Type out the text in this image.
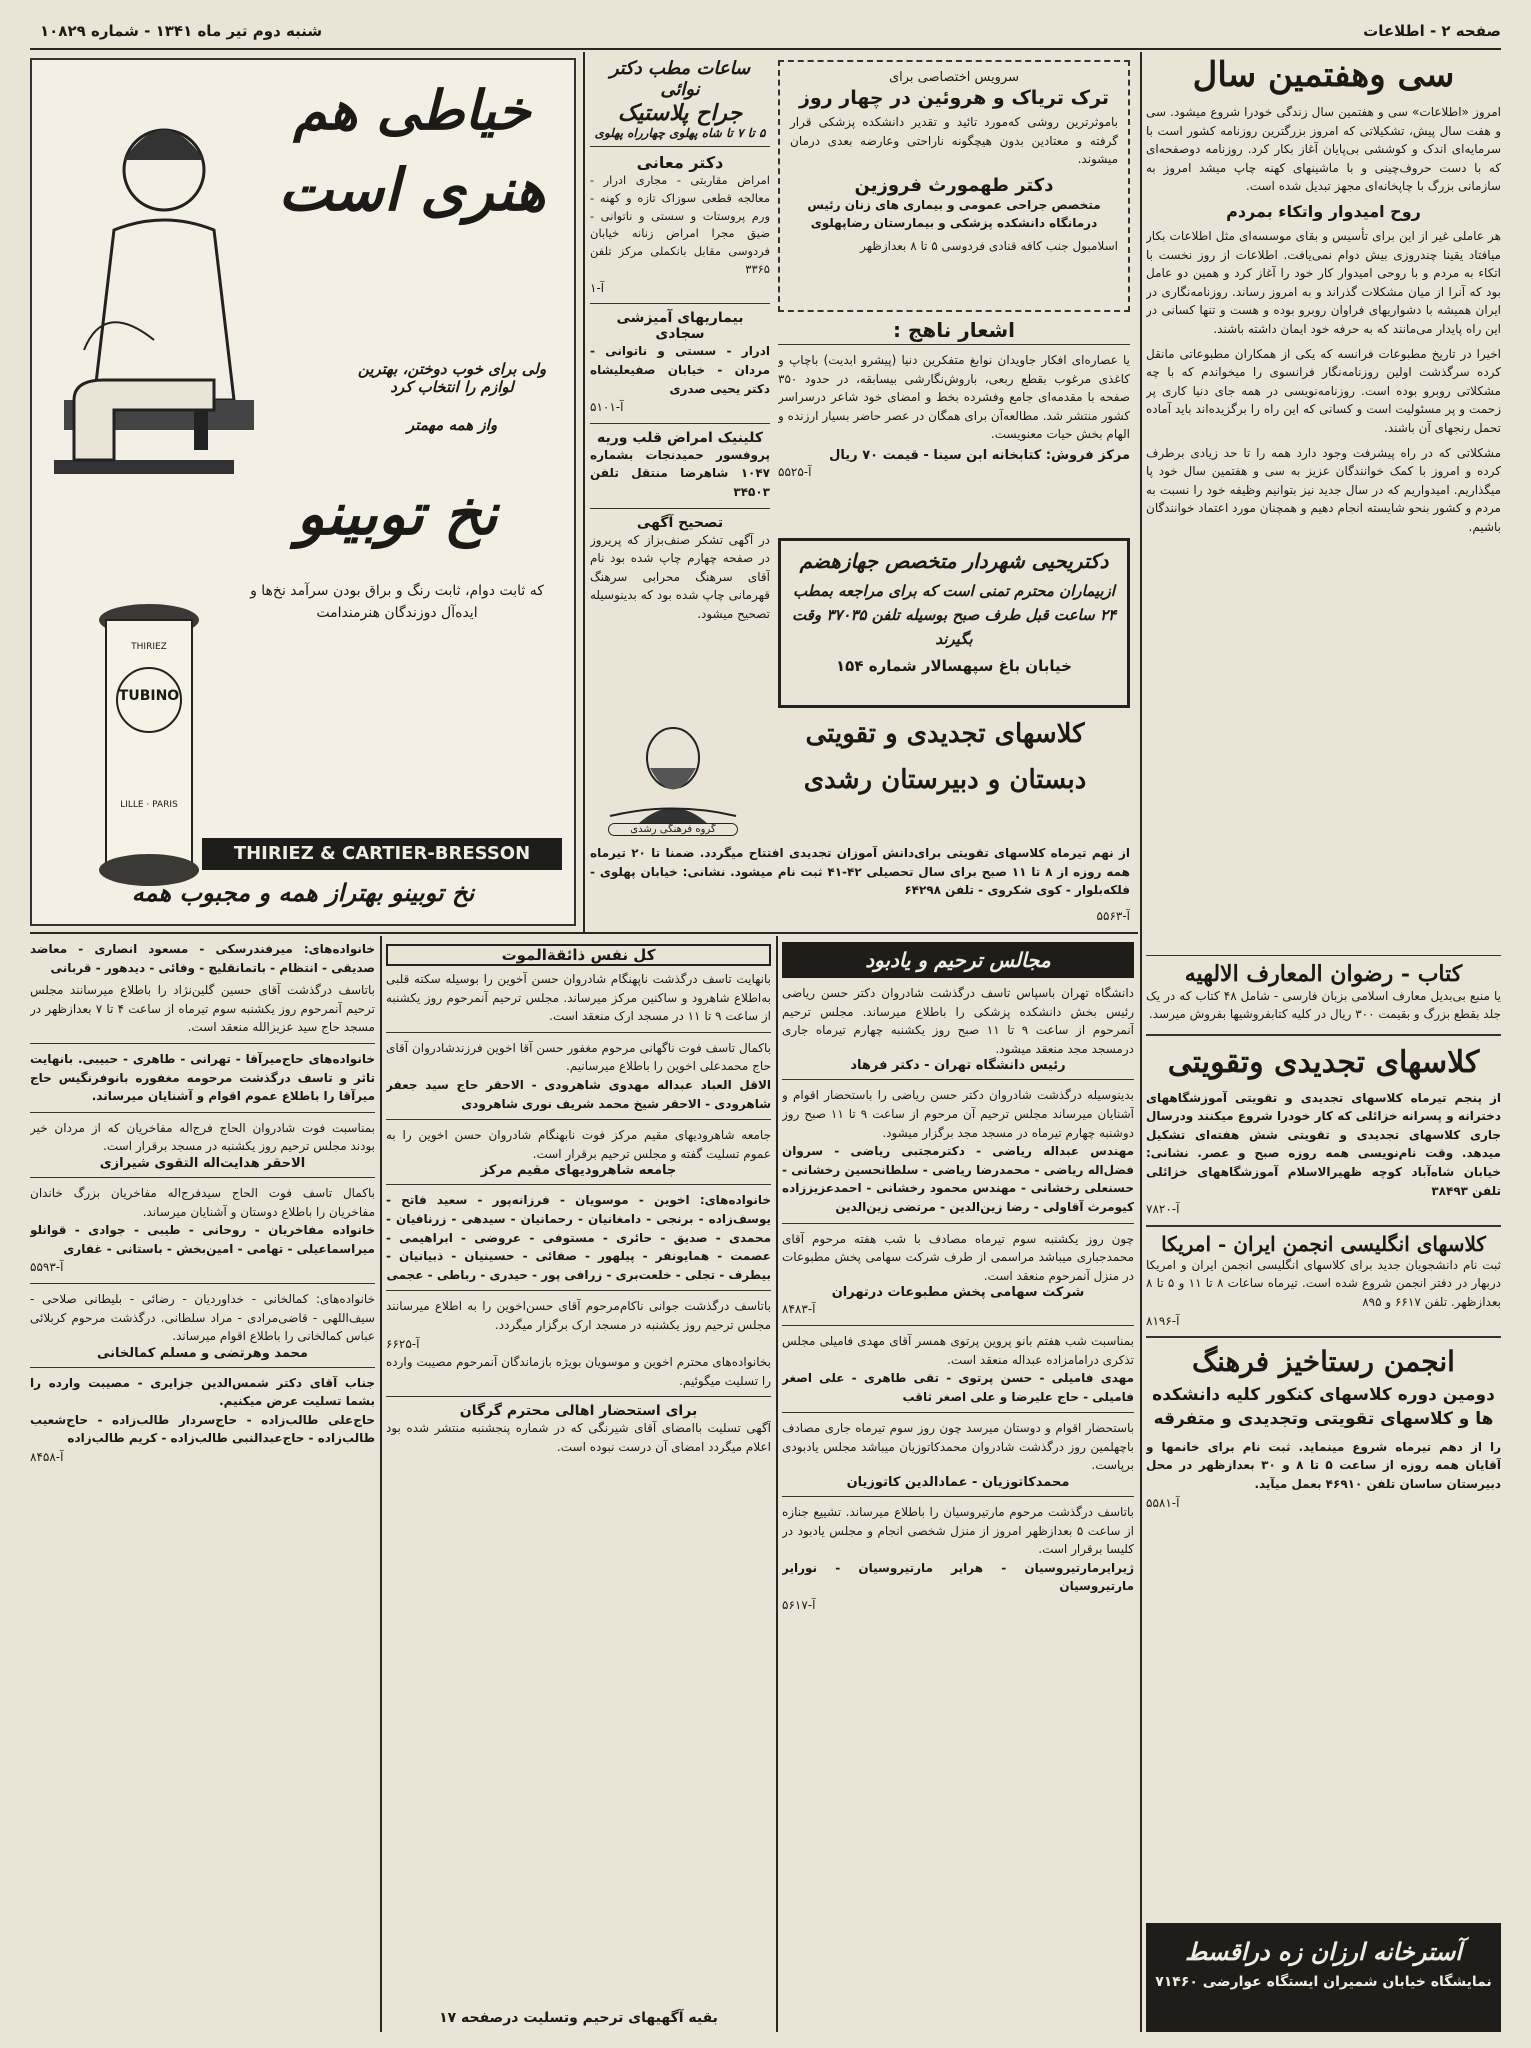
صفحه ۲ - اطلاعات
شنبه دوم تیر ماه ۱۳۴۱ - شماره ۱۰۸۲۹
سی وهفتمین سال
امروز «اطلاعات» سی و هفتمین سال زندگی خودرا شروع میشود. سی و هفت سال پیش، تشکیلاتی که امروز بزرگترین روزنامه کشور است با سرمایه‌ای اندک و کوششی بی‌پایان آغاز بکار کرد. روزنامه دوصفحه‌ای که با دست حروف‌چینی و با ماشینهای کهنه چاپ میشد امروز به سازمانی بزرگ با چاپخانه‌ای مجهز تبدیل شده است.
روح امیدوار واتکاء بمردم
هر عاملی غیر از این برای تأسیس و بقای موسسه‌ای مثل اطلاعات بکار میافتاد یقینا چندروزی بیش دوام نمی‌یافت. اطلاعات از روز نخست با اتکاء به مردم و با روحی امیدوار کار خود را آغاز کرد و همین دو عامل بود که آنرا از میان مشکلات گذراند و به امروز رساند. روزنامه‌نگاری در ایران همیشه با دشواریهای فراوان روبرو بوده و هست و تنها کسانی در این راه پایدار می‌مانند که به حرفه خود ایمان داشته باشند.
اخیرا در تاریخ مطبوعات فرانسه که یکی از همکاران مطبوعاتی مانقل کرده سرگذشت اولین روزنامه‌نگار فرانسوی را میخواندم که با چه مشکلاتی روبرو بوده است. روزنامه‌نویسی در همه جای دنیا کاری پر زحمت و پر مسئولیت است و کسانی که این راه را برگزیده‌اند باید آماده تحمل رنجهای آن باشند.
مشکلاتی که در راه پیشرفت وجود دارد همه را تا حد زیادی برطرف کرده و امروز با کمک خوانندگان عزیز به سی و هفتمین سال خود پا میگذاریم. امیدواریم که در سال جدید نیز بتوانیم وظیفه خود را نسبت به مردم و کشور بنحو شایسته انجام دهیم و همچنان مورد اعتماد خوانندگان باشیم.
کتاب - رضوان المعارف الالهیه
یا منبع بی‌بدیل معارف اسلامی بزبان فارسی - شامل ۴۸ کتاب که در یک جلد بقطع بزرگ و بقیمت ۳۰۰ ریال در کلیه کتابفروشیها بفروش میرسد.
کلاسهای تجدیدی وتقویتی
از پنجم تیرماه کلاسهای تجدیدی و تقویتی آموزشگاههای دخترانه و پسرانه خزائلی که کار خودرا شروع میکنند ودرسال جاری کلاسهای تجدیدی و تقویتی شش هفته‌ای تشکیل میدهد. وقت نام‌نویسی همه روزه صبح و عصر. نشانی: خیابان شاه‌آباد کوچه ظهیرالاسلام آموزشگاههای خزائلی تلفن ۳۸۴۹۳
آ-۷۸۲۰
کلاسهای انگلیسی انجمن ایران - امریکا
ثبت نام دانشجویان جدید برای کلاسهای انگلیسی انجمن ایران و امریکا دربهار در دفتر انجمن شروع شده است. تیرماه ساعات ۸ تا ۱۱ و ۵ تا ۸ بعدازظهر. تلفن ۶۶۱۷ و ۸۹۵
آ-۸۱۹۶
انجمن رستاخیز فرهنگ
دومین دوره کلاسهای کنکور کلیه دانشکده ها و کلاسهای تقویتی وتجدیدی و متفرقه
را از دهم تیرماه شروع مینماید. ثبت نام برای خانمها و آقایان همه روزه از ساعت ۵ تا ۸ و ۳۰ بعدازظهر در محل دبیرستان ساسان تلفن ۴۶۹۱۰ بعمل میآید.
آ-۵۵۸۱
آسترخانه ارزان زه دراقسط
نمایشگاه خیابان شمیران ایستگاه عوارضی ۷۱۴۶۰
سرویس اختصاصی برای
ترک تریاک و هروئین در چهار روز
باموثرترین روشی که‌مورد تائید و تقدیر دانشکده پزشکی قرار گرفته و معتادین بدون هیچگونه ناراحتی وعارضه بعدی درمان میشوند.
دکتر طهمورث فروزین
متخصص جراحی عمومی و بیماری های زنان رئیس درمانگاه دانشکده پزشکی و بیمارستان رضاپهلوی
اسلامبول جنب کافه قنادی فردوسی ۵ تا ۸ بعدازظهر
اشعار ناهج :
یا عصاره‌ای افکار جاویدان نوابغ متفکرین دنیا (پیشرو ابدیت) باچاپ و کاغذی مرغوب بقطع ربعی، باروش‌نگارشی بیسابقه، در حدود ۳۵۰ صفحه با مقدمه‌ای جامع وفشرده بخط و امضای خود شاعر درسراسر کشور منتشر شد. مطالعه‌آن برای همگان در عصر حاضر بسیار ارزنده و الهام بخش حیات معنویست.
مرکز فروش: کتابخانه ابن سینا - قیمت ۷۰ ریال
آ-۵۵۲۵
دکتریحیی شهردار متخصص جهازهضم
ازبیماران محترم تمنی است که برای مراجعه بمطب ۲۴ ساعت قبل طرف صبح بوسیله تلفن ۳۷۰۳۵ وقت بگیرند
خیابان باغ سپهسالار شماره ۱۵۴
کلاسهای تجدیدی و تقویتی
دبستان و دبیرستان رشدی
گروه فرهنگی رشدی
از نهم تیرماه کلاسهای تقویتی برای‌دانش آموزان تجدیدی افتتاح میگردد. ضمنا تا ۲۰ تیرماه همه روزه از ۸ تا ۱۱ صبح برای سال تحصیلی ۴۲-۴۱ ثبت نام میشود. نشانی: خیابان پهلوی - فلکه‌بلوار - کوی شکروی - تلفن ۶۴۲۹۸
آ-۵۵۶۳
ساعات مطب دکتر نوائی
جراح پلاستیک
۵ تا ۷ تا شاه پهلوی چهارراه پهلوی
دکتر معانی
امراض مقاربتی - مجاری ادرار - معالجه قطعی سوزاک تازه و کهنه - ورم پروستات و سستی و ناتوانی - ضیق مجرا امراض زنانه خیابان فردوسی مقابل بانکملی مرکز تلفن ۳۳۶۵
آ-۱
بیماریهای آمیزشی سجادی
ادرار - سستی و ناتوانی - مردان - خیابان صفیعلیشاه دکتر یحیی صدری
آ-۵۱۰۱
کلینیک امراض قلب وریه
پروفسور حمیدنجات بشماره ۱۰۴۷ شاهرضا منتقل تلفن ۳۴۵۰۳
تصحیح آگهی
در آگهی تشکر صنف‌بزاز که پریروز در صفحه چهارم چاپ شده بود نام آقای سرهنگ محرابی سرهنگ قهرمانی چاپ شده بود که بدینوسیله تصحیح میشود.
خیاطی هم
هنری است
ولی برای خوب دوختن، بهترین لوازم را انتخاب کرد
واز همه مهمتر
نخ توبینو
که ثابت دوام، ثابت رنگ و براق بودن سرآمد نخ‌ها و ایده‌آل دوزندگان هنرمندامت
THIRIEZ
TUBINO
LILLE · PARIS
THIRIEZ & CARTIER-BRESSON
نخ توبینو بهتراز همه و مجبوب همه
خانواده‌های: میرفندرسکی - مسعود انصاری - معاضد صدیقی - انتظام - باتمانقلیچ - وفائی - دیدهور - قربانی
باتاسف درگذشت آقای حسین گلین‌نژاد را باطلاع میرسانند مجلس ترحیم آنمرحوم روز یکشنبه سوم تیرماه از ساعت ۴ تا ۷ بعدازظهر در مسجد حاج سید عزیزالله منعقد است.
خانواده‌های حاج‌میرآقا - تهرانی - طاهری - حبیبی. بانهایت تاثر و تاسف درگذشت مرحومه مغفوره بانوفرنگیس حاج میرآقا را باطلاع عموم اقوام و آشنایان میرساند.
بمناسبت فوت شادروان الحاج فرج‌اله مفاخریان که از مردان خیر بودند مجلس ترحیم روز یکشنبه در مسجد برقرار است.
الاحقر هدایت‌اله التقوی شیرازی
باکمال تاسف فوت الحاج سیدفرج‌اله مفاخریان بزرگ خاندان مفاخریان را باطلاع دوستان و آشنایان میرساند.
خانواده مفاخریان - روحانی - طیبی - جوادی - قوانلو میراسماعیلی - تهامی - امین‌بخش - باستانی - غفاری
آ-۵۵۹۳
خانواده‌های: کمالخانی - خداوردیان - رضائی - بلیطانی صلاحی - سیف‌اللهی - قاضی‌مرادی - مراد سلطانی. درگذشت مرحوم کربلائی عباس کمالخانی را باطلاع اقوام میرساند.
محمد وهرتضی و مسلم کمالخانی
جناب آقای دکتر شمس‌الدین جزایری - مصیبت وارده را بشما تسلیت عرض میکنیم.
حاج‌علی طالب‌زاده - حاج‌سردار طالب‌زاده - حاج‌شعیب طالب‌زاده - حاج‌عبدالنبی طالب‌زاده - کریم طالب‌زاده
آ-۸۴۵۸
کل نفس ذائقة‌الموت
بانهایت تاسف درگذشت ناپهنگام شادروان حسن آخوین را بوسیله سکته قلبی به‌اطلاع شاهرود و ساکنین مرکز میرساند. مجلس ترحیم آنمرحوم روز یکشنبه از ساعت ۹ تا ۱۱ در مسجد ارک منعقد است.
باکمال تاسف فوت ناگهانی مرحوم مغفور حسن آقا اخوین فرزندشادروان آقای حاج محمدعلی اخوین را باطلاع میرسانیم.
الاقل العباد عبداله مهدوی شاهرودی - الاحقر حاج سید جعفر شاهرودی - الاحقر شیخ محمد شریف نوری شاهرودی
جامعه شاهرودیهای مقیم مرکز فوت نابهنگام شادروان حسن اخوین را به عموم تسلیت گفته و مجلس ترحیم برقرار است.
جامعه شاهرودیهای مقیم مرکز
خانواده‌های: اخوین - موسویان - فرزانه‌پور - سعید فاتح - یوسف‌زاده - برنجی - دامغانیان - رحمانیان - سیدهی - زرنافیان - محمدی - صدیق - حائری - مستوفی - عروضی - ابراهیمی - عصمت - همایونفر - پیلهور - صفائی - حسینیان - ذبیانیان - بیطرف - تجلی - خلعت‌بری - زرافی پور - حیدری - رباطی - عجمی
باتاسف درگذشت جوانی ناکام‌مرحوم آقای حسن‌اخوین را به اطلاع میرسانند مجلس ترحیم روز یکشنبه در مسجد ارک برگزار میگردد.
آ-۶۶۲۵
بخانواده‌های محترم اخوین و موسویان بویژه بازماندگان آنمرحوم مصیبت وارده را تسلیت میگوئیم.
برای استحضار اهالی محترم گرگان
آگهی تسلیت باامضای آقای شیرنگی که در شماره پنجشنبه منتشر شده بود اعلام میگردد امضای آن درست نبوده است.
بقیه آگهیهای ترحیم وتسلیت درصفحه ۱۷
مجالس ترحیم و یادبود
دانشگاه تهران باسپاس تاسف درگذشت شادروان دکتر حسن ریاضی رئیس بخش دانشکده پزشکی را باطلاع میرساند. مجلس ترحیم آنمرحوم از ساعت ۹ تا ۱۱ صبح روز یکشنبه چهارم تیرماه جاری درمسجد مجد منعقد میشود.
رئیس دانشگاه تهران - دکتر فرهاد
بدینوسیله درگذشت شادروان دکتر حسن ریاضی را باستحضار اقوام و آشنایان میرساند مجلس ترحیم آن مرحوم از ساعت ۹ تا ۱۱ صبح روز دوشنبه چهارم تیرماه در مسجد مجد برگزار میشود.
مهندس عبداله ریاضی - دکترمجتبی ریاضی - سروان فضل‌اله ریاضی - محمدرضا ریاضی - سلطانحسین رخشانی - حسنعلی رخشانی - مهندس محمود رخشانی - احمدعزیززاده کیومرث آقاولی - رضا زین‌الدین - مرتضی زین‌الدین
چون روز یکشنبه سوم تیرماه مصادف با شب هفته مرحوم آقای محمدجباری میباشد مراسمی از طرف شرکت سهامی پخش مطبوعات در منزل آنمرحوم منعقد است.
شرکت سهامی پخش مطبوعات درتهران
آ-۸۴۸۳
بمناسبت شب هفتم بانو پروین پرتوی همسر آقای مهدی فامیلی مجلس تذکری درامامزاده عبداله منعقد است.
مهدی فامیلی - حسن پرتوی - تقی طاهری - علی اصغر فامیلی - حاج علیرضا و علی اصغر ثاقب
باستحضار اقوام و دوستان میرسد چون روز سوم تیرماه جاری مصادف باچهلمین روز درگذشت شادروان محمدکاتوزیان میباشد مجلس یادبودی برپاست.
محمدکاتوزیان - عمادالدین کاتوزیان
باتاسف درگذشت مرحوم مارتیروسیان را باطلاع میرساند. تشییع جنازه از ساعت ۵ بعدازظهر امروز از منزل شخصی انجام و مجلس یادبود در کلیسا برقرار است.
ژیرایرمارتیروسیان - هرایر مارتیروسیان - نوراير مارتیروسیان
آ-۵۶۱۷
